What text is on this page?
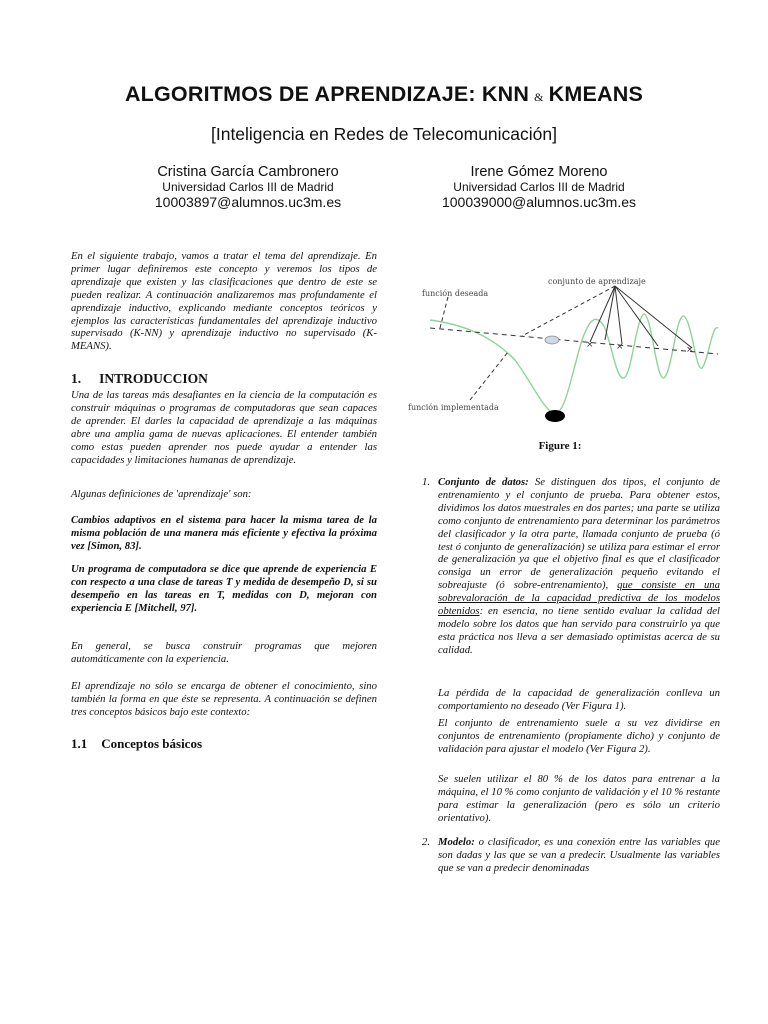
ALGORITMOS DE APRENDIZAJE: KNN & KMEANS
[Inteligencia en Redes de Telecomunicación]
Cristina García Cambronero
Universidad Carlos III de Madrid
10003897@alumnos.uc3m.es
Irene Gómez Moreno
Universidad Carlos III de Madrid
100039000@alumnos.uc3m.es
En el siguiente trabajo, vamos a tratar el tema del aprendizaje. En primer lugar definiremos este concepto y veremos los tipos de aprendizaje que existen y las clasificaciones que dentro de este se pueden realizar. A continuación analizaremos mas profundamente el aprendizaje inductivo, explicando mediante conceptos teóricos y ejemplos las características fundamentales del aprendizaje inductivo supervisado (K-NN) y aprendizaje inductivo no supervisado (K-MEANS).
1. INTRODUCCION
Una de las tareas más desafiantes en la ciencia de la computación es construir máquinas o programas de computadoras que sean capaces de aprender. El darles la capacidad de aprendizaje a las máquinas abre una amplia gama de nuevas aplicaciones. El entender también como estas pueden aprender nos puede ayudar a entender las capacidades y limitaciones humanas de aprendizaje.
Algunas definiciones de 'aprendizaje' son:
Cambios adaptivos en el sistema para hacer la misma tarea de la misma población de una manera más eficiente y efectiva la próxima vez [Simon, 83].
Un programa de computadora se dice que aprende de experiencia E con respecto a una clase de tareas T y medida de desempeño D, si su desempeño en las tareas en T, medidas con D, mejoran con experiencia E [Mitchell, 97].
En general, se busca construir programas que mejoren automáticamente con la experiencia.
El aprendizaje no sólo se encarga de obtener el conocimiento, sino también la forma en que éste se representa. A continuación se definen tres conceptos básicos bajo este contexto:
1.1 Conceptos básicos
× ×	×
función deseada
conjunto de aprendizaje
función implementada
Figure 1:
1. Conjunto de datos: Se distinguen dos tipos, el conjunto de entrenamiento y el conjunto de prueba. Para obtener estos, dividimos los datos muestrales en dos partes; una parte se utiliza como conjunto de entrenamiento para determinar los parámetros del clasificador y la otra parte, llamada conjunto de prueba (ó test ó conjunto de generalización) se utiliza para estimar el error de generalización ya que el objetivo final es que el clasificador consiga un error de generalización pequeño evitando el sobreajuste (ó sobre-entrenamiento), que consiste en una sobrevaloración de la capacidad predictiva de los modelos obtenidos: en esencia, no tiene sentido evaluar la calidad del modelo sobre los datos que han servido para construirlo ya que esta práctica nos lleva a ser demasiado optimistas acerca de su calidad.
La pérdida de la capacidad de generalización conlleva un comportamiento no deseado (Ver Figura 1).
El conjunto de entrenamiento suele a su vez dividirse en conjuntos de entrenamiento (propiamente dicho) y conjunto de validación para ajustar el modelo (Ver Figura 2).
Se suelen utilizar el 80 % de los datos para entrenar a la máquina, el 10 % como conjunto de validación y el 10 % restante para estimar la generalización (pero es sólo un criterio orientativo).
2. Modelo: o clasificador, es una conexión entre las variables que son dadas y las que se van a predecir. Usualmente las variables que se van a predecir denominadas
